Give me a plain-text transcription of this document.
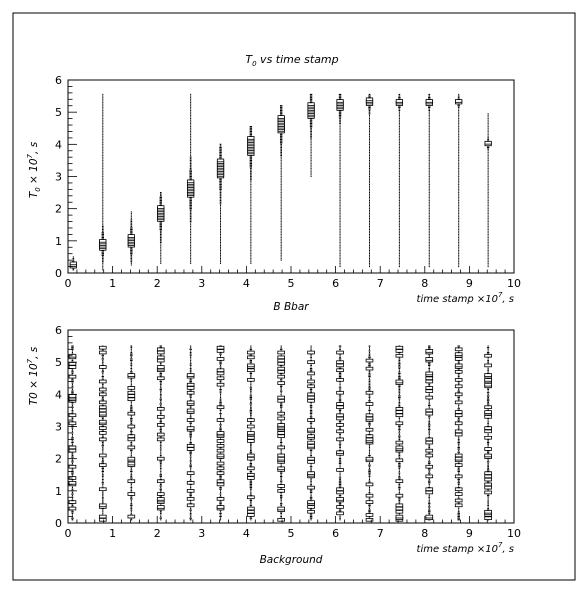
$T_0$ vs time stamp
0	1	2	3	4	5	6	7	8	9	10
0
1
2
3
4
5
6
$T_0 \times 10^7$, s
time stamp $\times 10^7$, s
B Bbar
0	1	2	3	4	5	6	7	8	9	10
0
1
2
3
4
5
6
$T0 \times 10^7$, s
time stamp $\times 10^7$, s
Background
